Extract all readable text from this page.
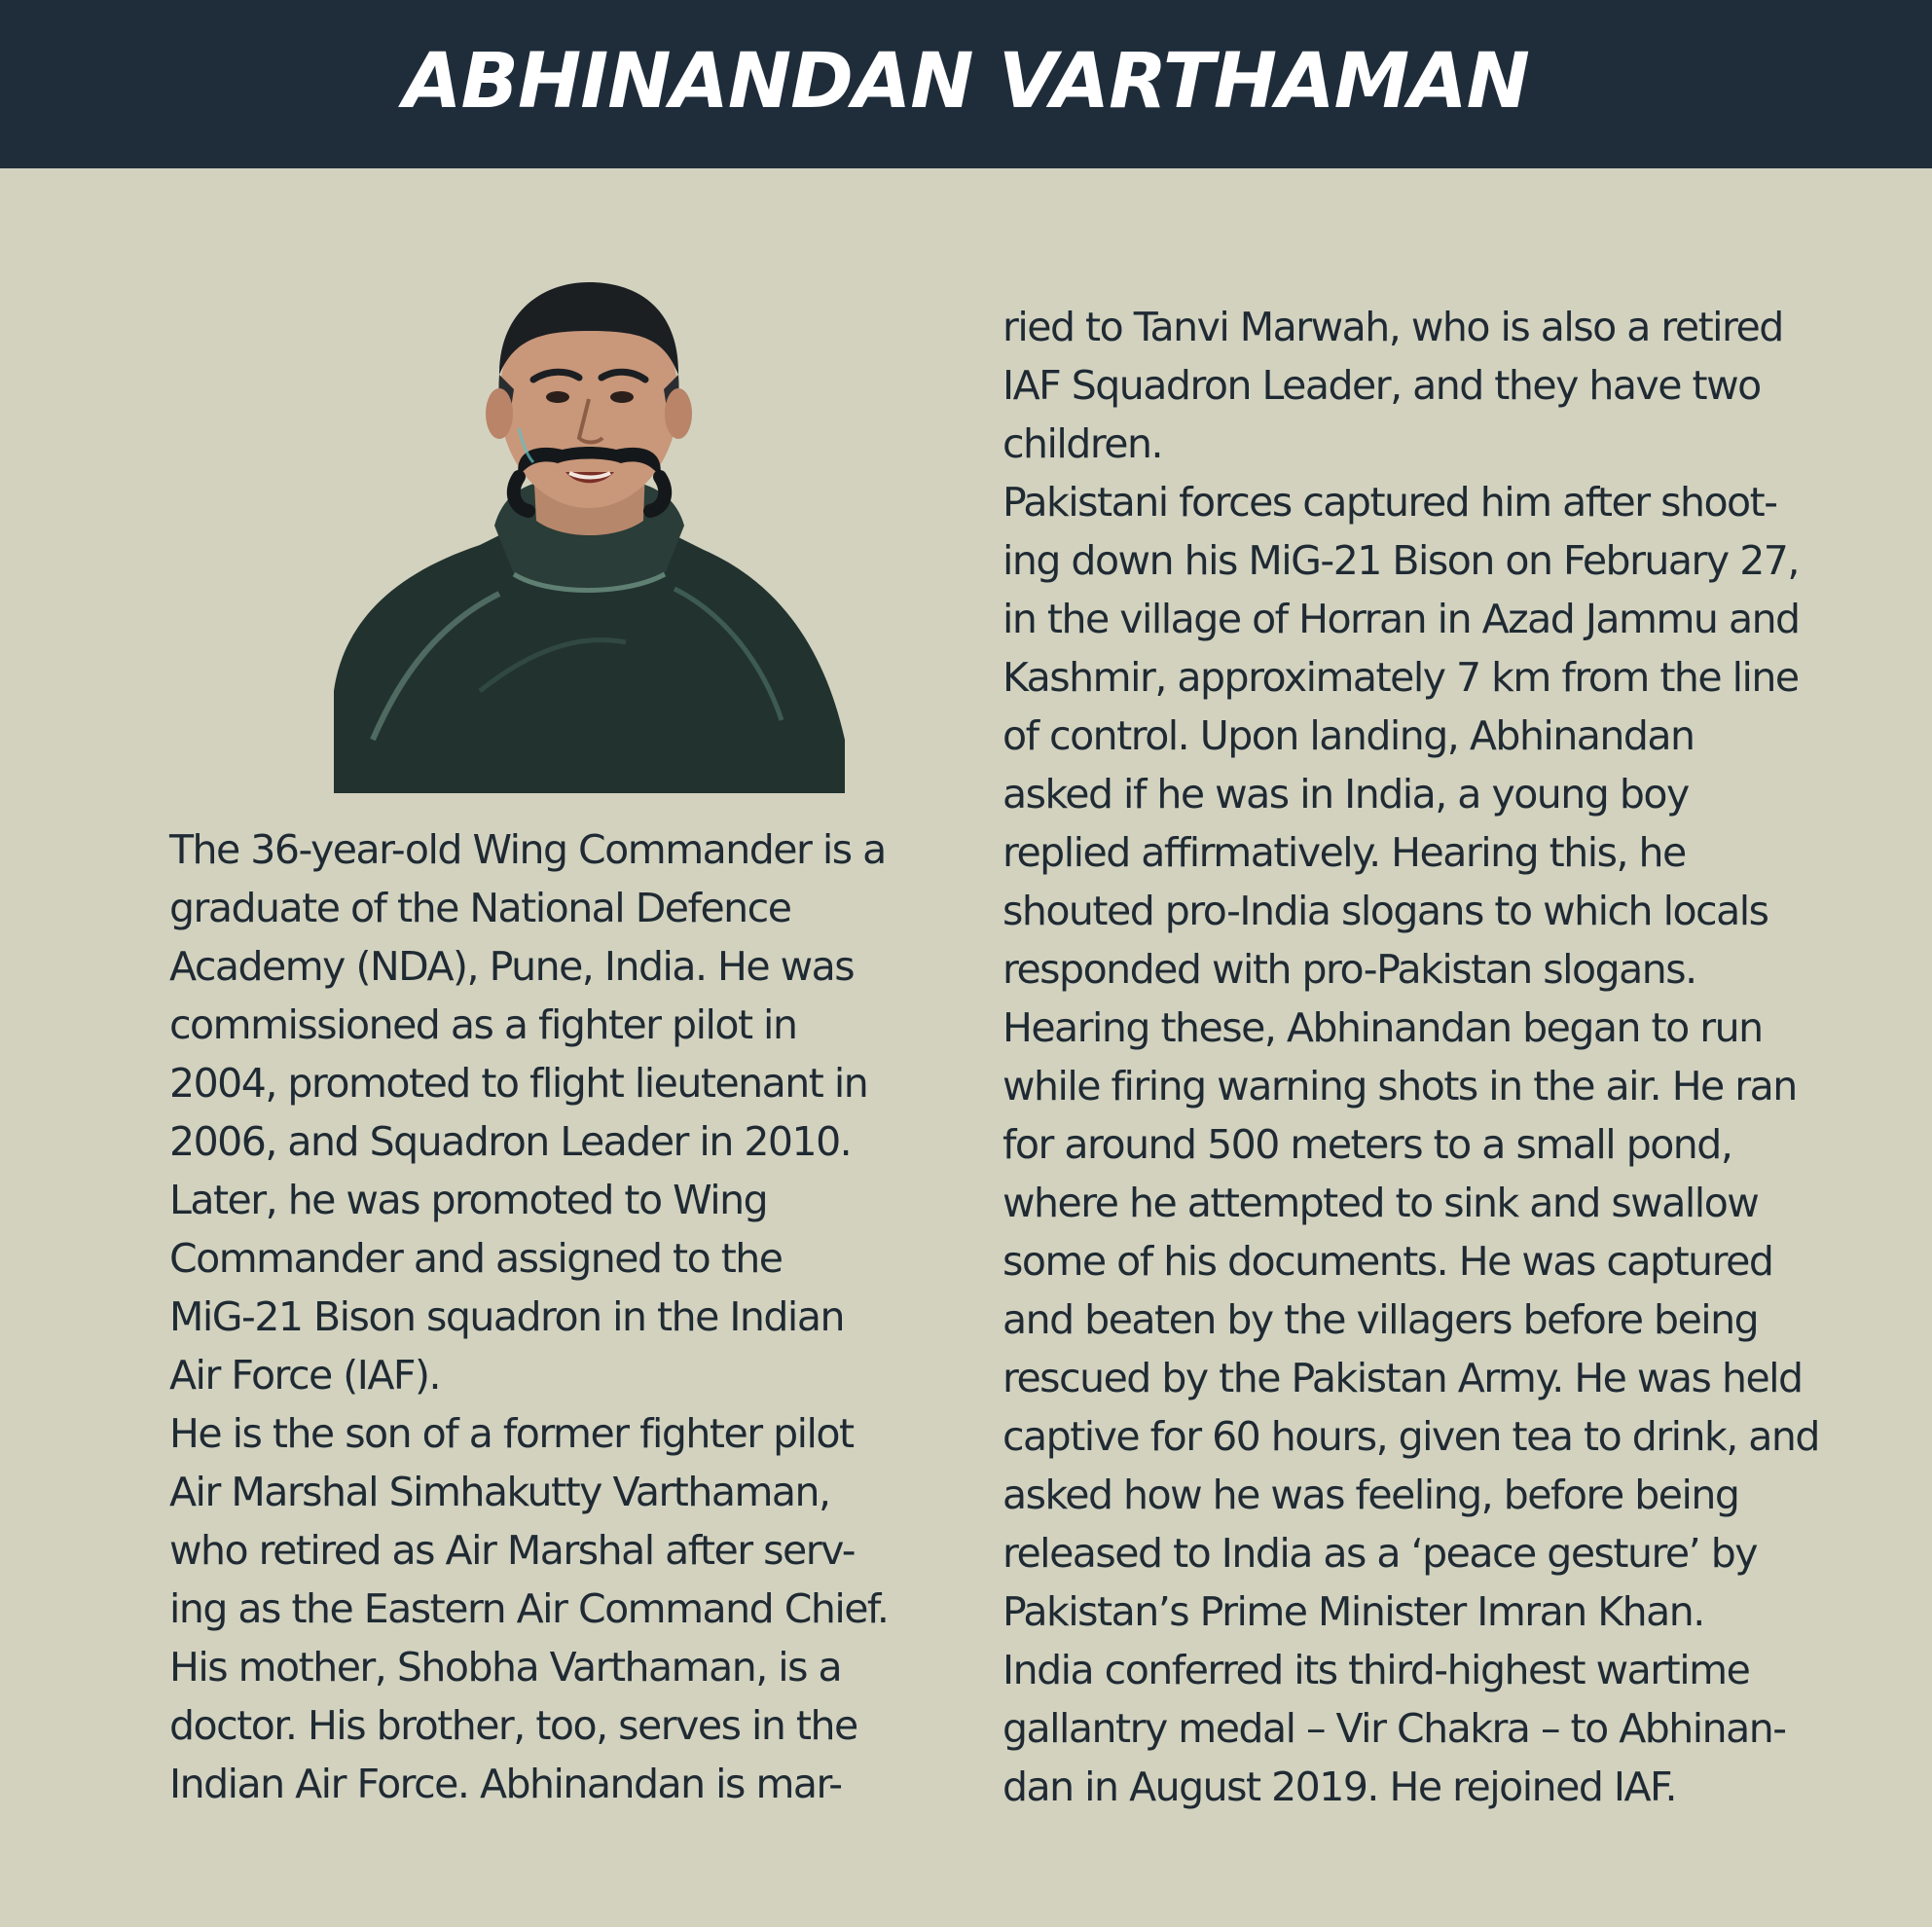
ABHINANDAN VARTHAMAN

The 36-year-old Wing Commander is a
graduate of the National Defence
Academy (NDA), Pune, India. He was
commissioned as a fighter pilot in
2004, promoted to flight lieutenant in
2006, and Squadron Leader in 2010.
Later, he was promoted to Wing
Commander and assigned to the
MiG-21 Bison squadron in the Indian
Air Force (IAF).
He is the son of a former fighter pilot
Air Marshal Simhakutty Varthaman,
who retired as Air Marshal after serv-
ing as the Eastern Air Command Chief.
His mother, Shobha Varthaman, is a
doctor. His brother, too, serves in the
Indian Air Force. Abhinandan is mar-

ried to Tanvi Marwah, who is also a retired
IAF Squadron Leader, and they have two
children.
Pakistani forces captured him after shoot-
ing down his MiG-21 Bison on February 27,
in the village of Horran in Azad Jammu and
Kashmir, approximately 7 km from the line
of control. Upon landing, Abhinandan
asked if he was in India, a young boy
replied affirmatively. Hearing this, he
shouted pro-India slogans to which locals
responded with pro-Pakistan slogans.
Hearing these, Abhinandan began to run
while firing warning shots in the air. He ran
for around 500 meters to a small pond,
where he attempted to sink and swallow
some of his documents. He was captured
and beaten by the villagers before being
rescued by the Pakistan Army. He was held
captive for 60 hours, given tea to drink, and
asked how he was feeling, before being
released to India as a ‘peace gesture’ by
Pakistan’s Prime Minister Imran Khan.
India conferred its third-highest wartime
gallantry medal – Vir Chakra – to Abhinan-
dan in August 2019. He rejoined IAF.
